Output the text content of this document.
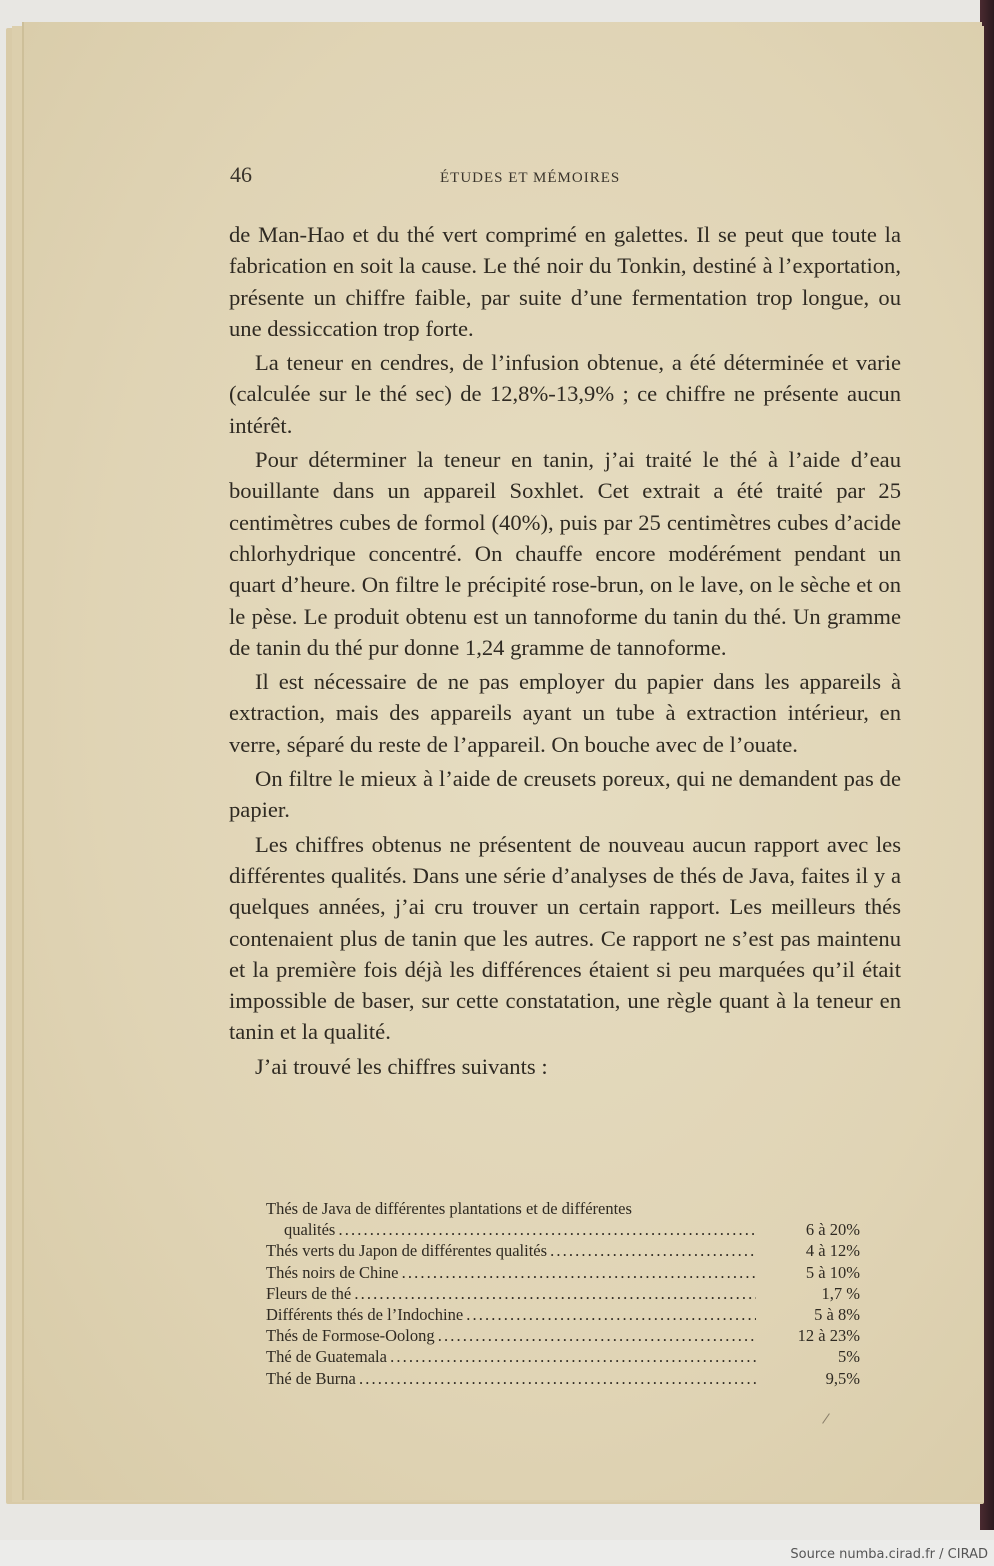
46	ÉTUDES ET MÉMOIRES

de Man-Hao et du thé vert comprimé en galettes. Il se peut que toute la fabrication en soit la cause. Le thé noir du Tonkin, destiné à l’exportation, présente un chiffre faible, par suite d’une fermentation trop longue, ou une dessiccation trop forte.

La teneur en cendres, de l’infusion obtenue, a été déterminée et varie (calculée sur le thé sec) de 12,8%-13,9% ; ce chiffre ne présente aucun intérêt.

Pour déterminer la teneur en tanin, j’ai traité le thé à l’aide d’eau bouillante dans un appareil Soxhlet. Cet extrait a été traité par 25 centimètres cubes de formol (40%), puis par 25 centimètres cubes d’acide chlorhydrique concentré. On chauffe encore modérément pendant un quart d’heure. On filtre le précipité rose-brun, on le lave, on le sèche et on le pèse. Le produit obtenu est un tannoforme du tanin du thé. Un gramme de tanin du thé pur donne 1,24 gramme de tannoforme.

Il est nécessaire de ne pas employer du papier dans les appareils à extraction, mais des appareils ayant un tube à extraction intérieur, en verre, séparé du reste de l’appareil. On bouche avec de l’ouate.

On filtre le mieux à l’aide de creusets poreux, qui ne demandent pas de papier.

Les chiffres obtenus ne présentent de nouveau aucun rapport avec les différentes qualités. Dans une série d’analyses de thés de Java, faites il y a quelques années, j’ai cru trouver un certain rapport. Les meilleurs thés contenaient plus de tanin que les autres. Ce rapport ne s’est pas maintenu et la première fois déjà les différences étaient si peu marquées qu’il était impossible de baser, sur cette constatation, une règle quant à la teneur en tanin et la qualité.

J’ai trouvé les chiffres suivants :

Thés de Java de différentes plantations et de différentes
qualités . . .	6 à 20%
Thés verts du Japon de différentes qualités . . .	4 à 12%
Thés noirs de Chine . . .	5 à 10%
Fleurs de thé . . .	1,7 %
Différents thés de l’Indochine . . .	5 à 8%
Thés de Formose-Oolong . . .	12 à 23%
Thé de Guatemala . . .	5%
Thé de Burna . . .	9,5%
Source numba.cirad.fr / CIRAD
